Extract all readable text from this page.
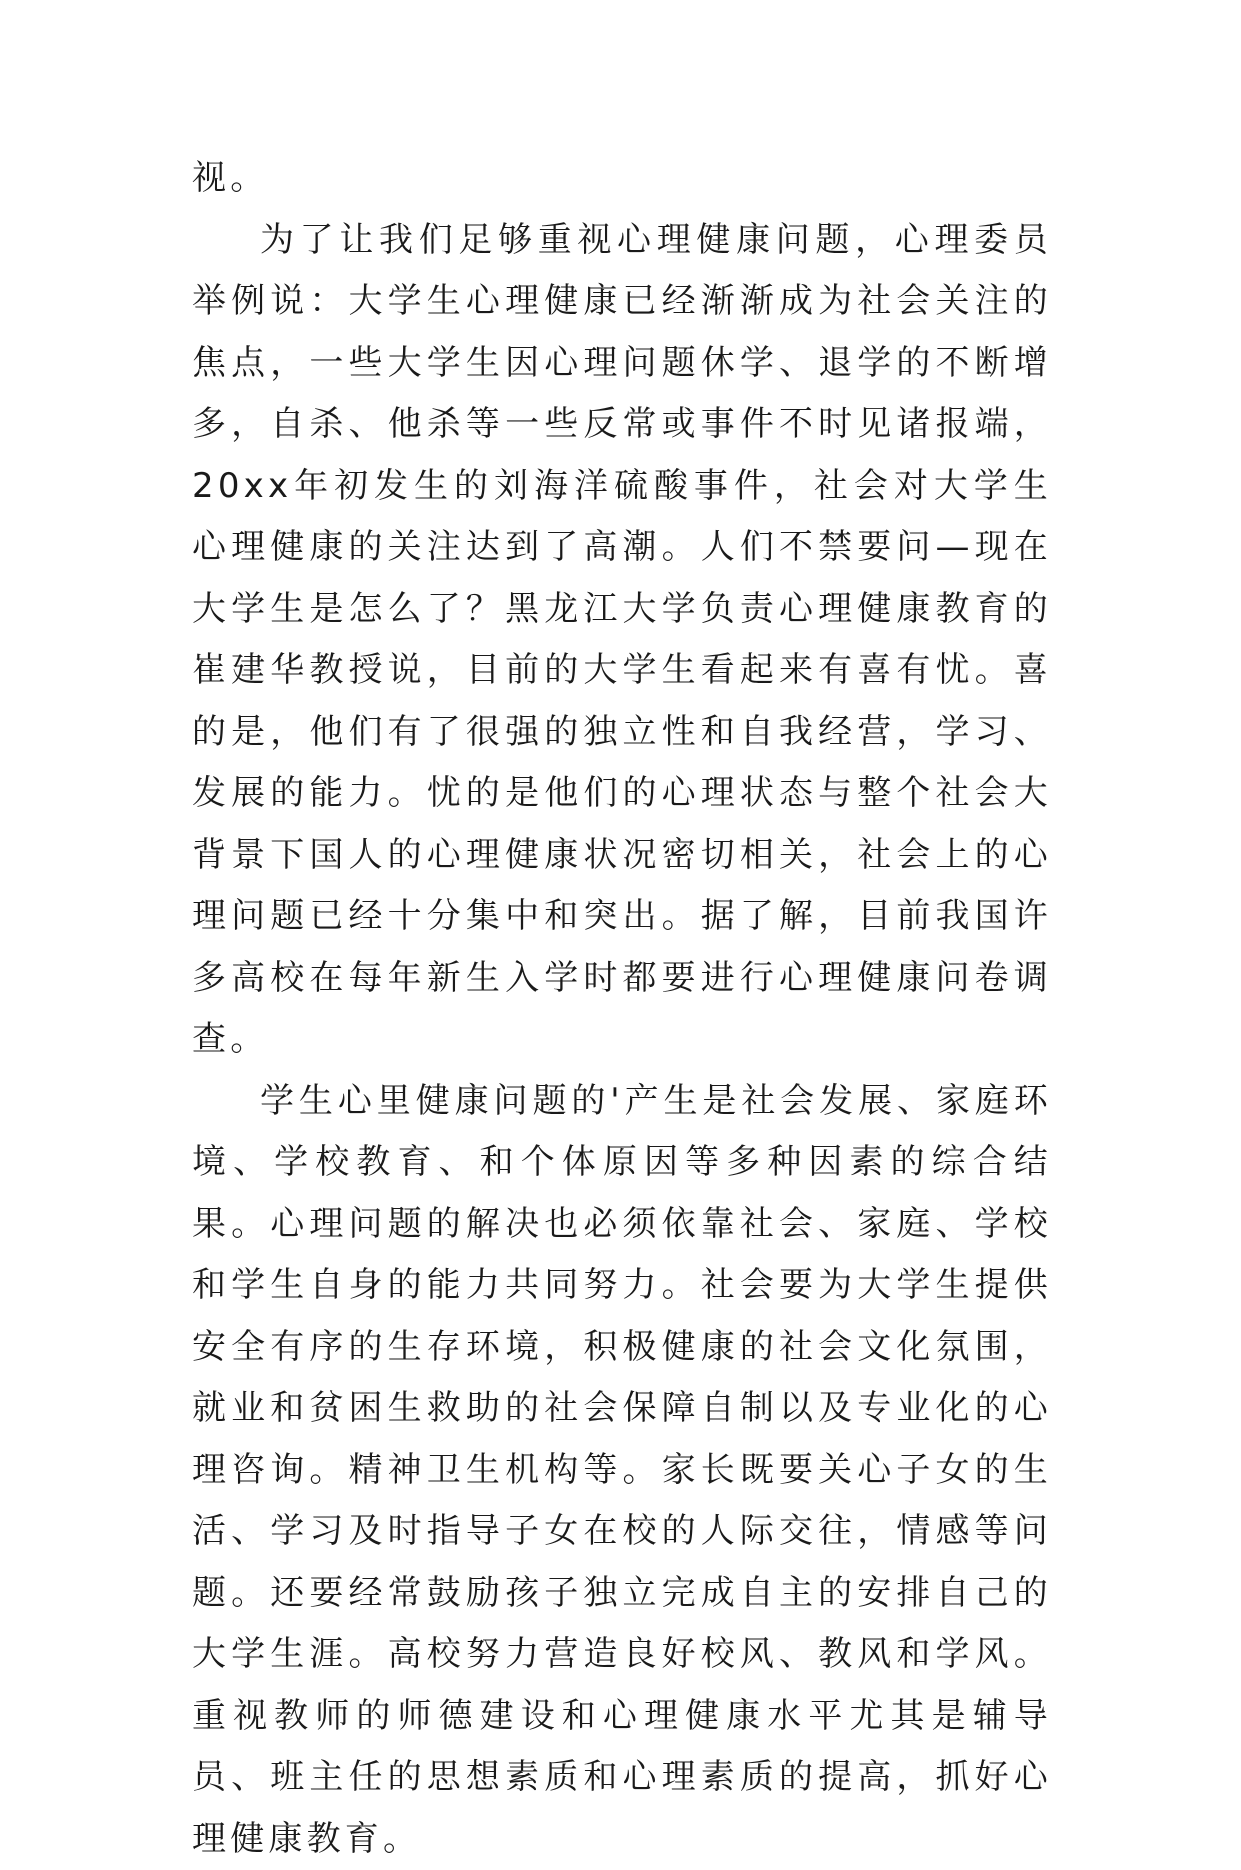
视。

为了让我们足够重视心理健康问题，心理委员举例说：大学生心理健康已经渐渐成为社会关注的焦点，一些大学生因心理问题休学、退学的不断增多，自杀、他杀等一些反常或事件不时见诸报端，20xx年初发生的刘海洋硫酸事件，社会对大学生心理健康的关注达到了高潮。人们不禁要问—现在大学生是怎么了？黑龙江大学负责心理健康教育的崔建华教授说，目前的大学生看起来有喜有忧。喜的是，他们有了很强的独立性和自我经营，学习、发展的能力。忧的是他们的心理状态与整个社会大背景下国人的心理健康状况密切相关，社会上的心理问题已经十分集中和突出。据了解，目前我国许多高校在每年新生入学时都要进行心理健康问卷调查。

学生心里健康问题的'产生是社会发展、家庭环境、学校教育、和个体原因等多种因素的综合结果。心理问题的解决也必须依靠社会、家庭、学校和学生自身的能力共同努力。社会要为大学生提供安全有序的生存环境，积极健康的社会文化氛围，就业和贫困生救助的社会保障自制以及专业化的心理咨询。精神卫生机构等。家长既要关心子女的生活、学习及时指导子女在校的人际交往，情感等问题。还要经常鼓励孩子独立完成自主的安排自己的大学生涯。高校努力营造良好校风、教风和学风。重视教师的师德建设和心理健康水平尤其是辅导员、班主任的思想素质和心理素质的提高，抓好心理健康教育。
